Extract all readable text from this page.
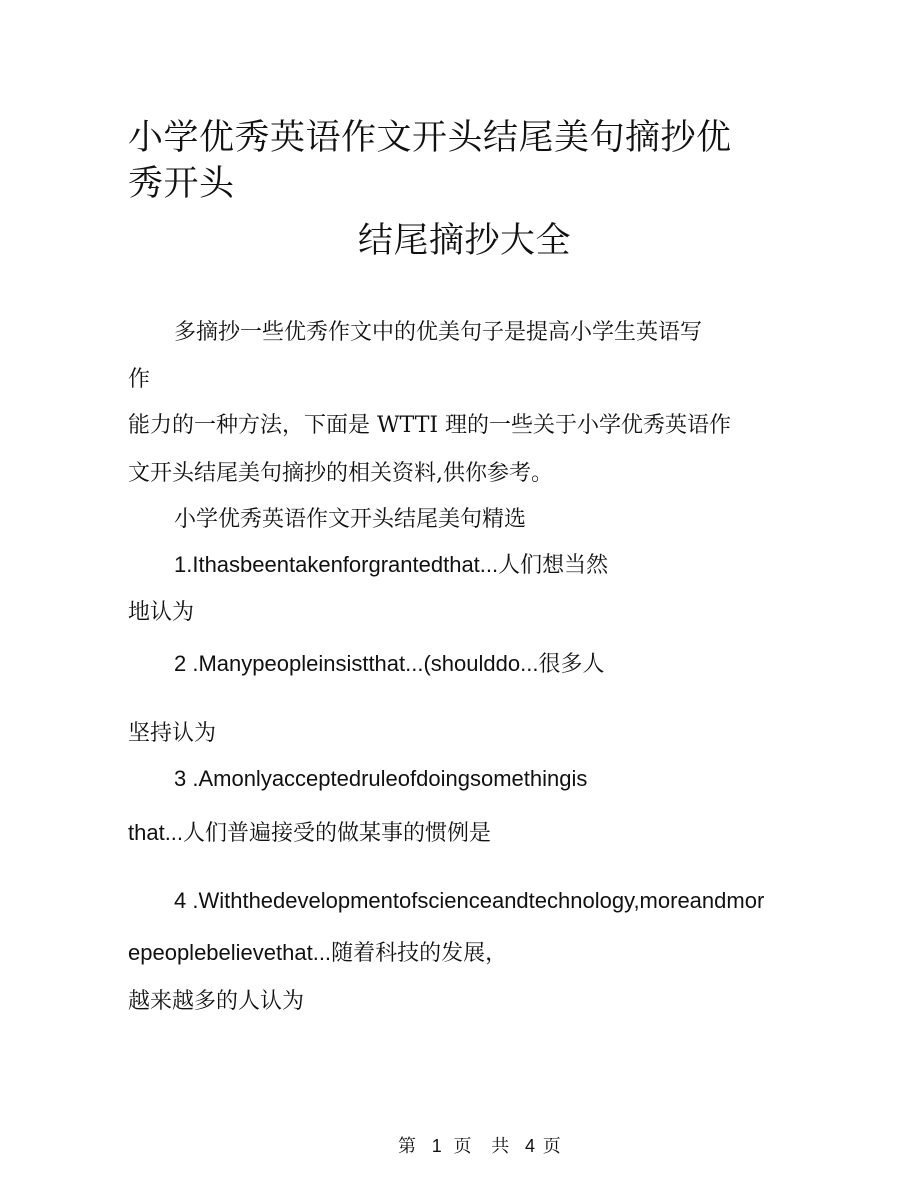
小学优秀英语作文开头结尾美句摘抄优
秀开头
结尾摘抄大全

多摘抄一些优秀作文中的优美句子是提高小学生英语写

作

能力的一种方法，下面是 WTTI 理的一些关于小学优秀英语作

文开头结尾美句摘抄的相关资料,供你参考。

小学优秀英语作文开头结尾美句精选

1.Ithasbeentakenforgrantedthat...人们想当然

地认为

2 .Manypeopleinsistthat...(shoulddo...很多人

坚持认为

3 .Amonlyacceptedruleofdoingsomethingis

that...人们普遍接受的做某事的惯例是

4 .Withthedevelopmentofscienceandtechnology,moreandmor

epeoplebelievethat...随着科技的发展，

越来越多的人认为

第 1 页 共 4 页
